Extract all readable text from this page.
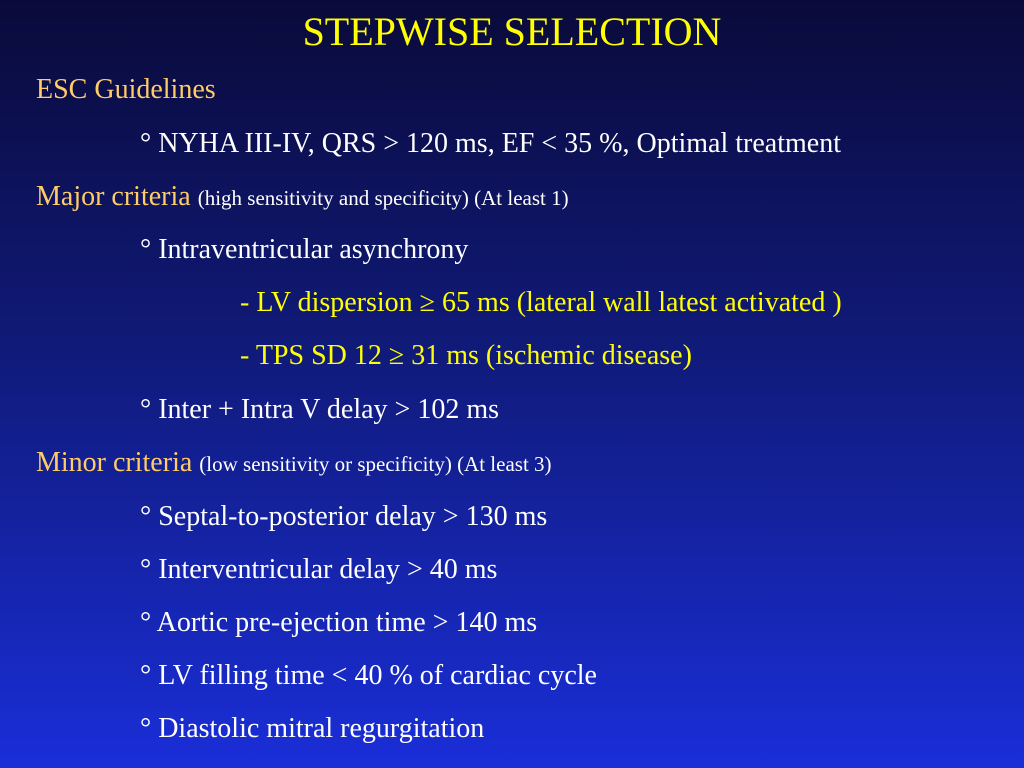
STEPWISE SELECTION
ESC Guidelines
° NYHA III-IV, QRS > 120 ms, EF < 35 %, Optimal treatment
Major criteria (high sensitivity and specificity) (At least 1)
° Intraventricular asynchrony
- LV dispersion ≥ 65 ms (lateral wall latest activated )
- TPS SD 12 ≥ 31 ms (ischemic disease)
° Inter + Intra V delay > 102 ms
Minor criteria (low sensitivity or specificity) (At least 3)
° Septal-to-posterior delay > 130 ms
° Interventricular delay > 40 ms
° Aortic pre-ejection time > 140 ms
° LV filling time < 40 % of cardiac cycle
° Diastolic mitral regurgitation
